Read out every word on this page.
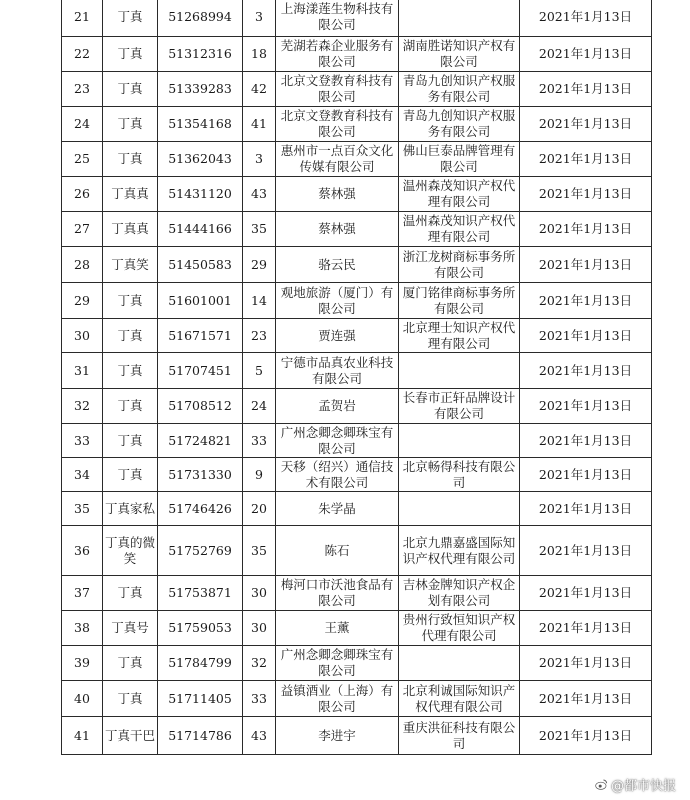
21	丁真	51268994	3	上海漾莲生物科技有限公司		2021年1月13日
22	丁真	51312316	18	芜湖若森企业服务有限公司	湖南胜诺知识产权有限公司	2021年1月13日
23	丁真	51339283	42	北京文登教育科技有限公司	青岛九创知识产权服务有限公司	2021年1月13日
24	丁真	51354168	41	北京文登教育科技有限公司	青岛九创知识产权服务有限公司	2021年1月13日
25	丁真	51362043	3	惠州市一点百众文化传媒有限公司	佛山巨泰品牌管理有限公司	2021年1月13日
26	丁真真	51431120	43	蔡林强	温州森茂知识产权代理有限公司	2021年1月13日
27	丁真真	51444166	35	蔡林强	温州森茂知识产权代理有限公司	2021年1月13日
28	丁真笑	51450583	29	骆云民	浙江龙树商标事务所有限公司	2021年1月13日
29	丁真	51601001	14	观地旅游（厦门）有限公司	厦门铭律商标事务所有限公司	2021年1月13日
30	丁真	51671571	23	贾连强	北京理士知识产权代理有限公司	2021年1月13日
31	丁真	51707451	5	宁德市品真农业科技有限公司		2021年1月13日
32	丁真	51708512	24	孟贺岩	长春市正轩品牌设计有限公司	2021年1月13日
33	丁真	51724821	33	广州念卿念卿珠宝有限公司		2021年1月13日
34	丁真	51731330	9	天移（绍兴）通信技术有限公司	北京畅得科技有限公司	2021年1月13日
35	丁真家私	51746426	20	朱学晶		2021年1月13日
36	丁真的微笑	51752769	35	陈石	北京九鼎嘉盛国际知识产权代理有限公司	2021年1月13日
37	丁真	51753871	30	梅河口市沃池食品有限公司	吉林金牌知识产权企划有限公司	2021年1月13日
38	丁真号	51759053	30	王薰	贵州行致恒知识产权代理有限公司	2021年1月13日
39	丁真	51784799	32	广州念卿念卿珠宝有限公司		2021年1月13日
40	丁真	51711405	33	益镇酒业（上海）有限公司	北京利诚国际知识产权代理有限公司	2021年1月13日
41	丁真干巴	51714786	43	李进宇	重庆洪征科技有限公司	2021年1月13日
@都市快报
